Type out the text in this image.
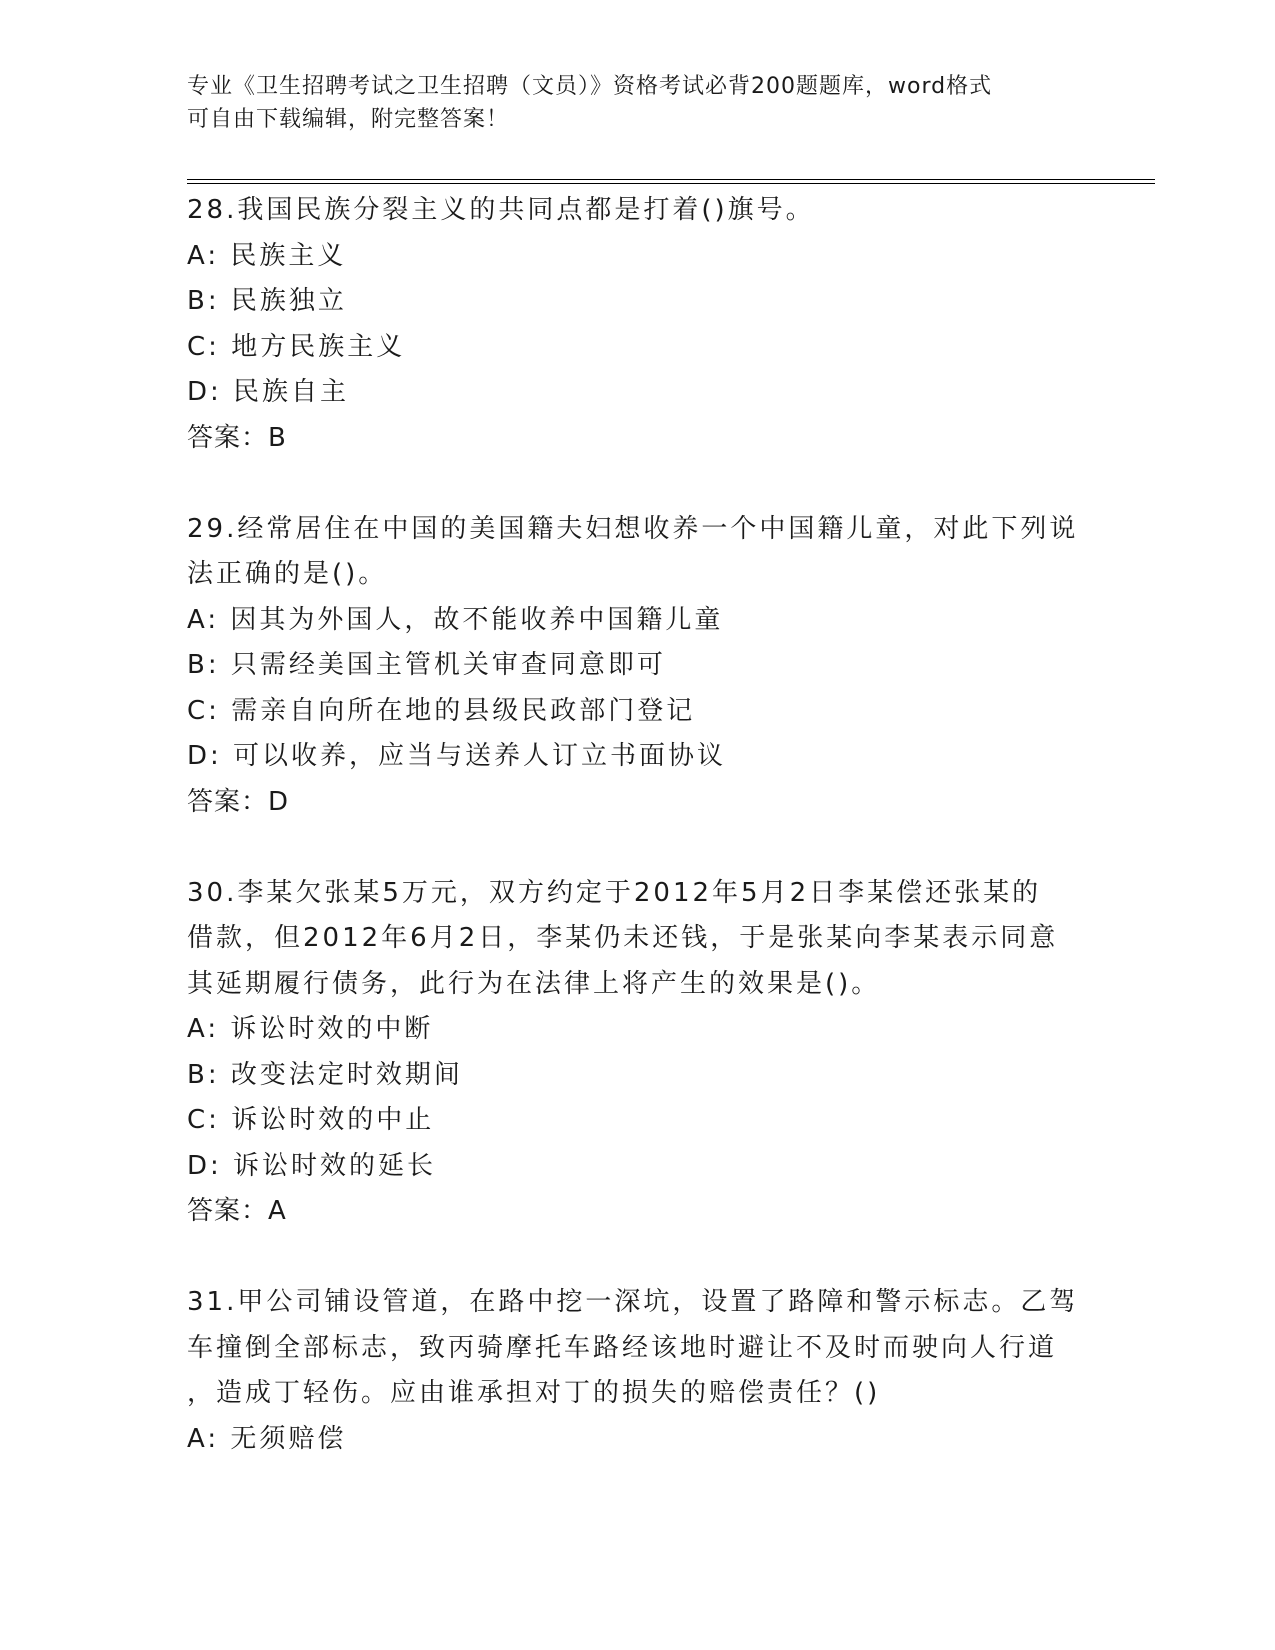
专业《卫生招聘考试之卫生招聘（文员）》资格考试必背200题题库，word格式
可自由下载编辑，附完整答案！

28.我国民族分裂主义的共同点都是打着()旗号。

A: 民族主义
B: 民族独立
C: 地方民族主义
D: 民族自主

答案：B

29.经常居住在中国的美国籍夫妇想收养一个中国籍儿童，对此下列说

法正确的是()。

A: 因其为外国人，故不能收养中国籍儿童
B: 只需经美国主管机关审查同意即可
C: 需亲自向所在地的县级民政部门登记
D: 可以收养，应当与送养人订立书面协议

答案：D

30.李某欠张某5万元，双方约定于2012年5月2日李某偿还张某的

借款，但2012年6月2日，李某仍未还钱，于是张某向李某表示同意

其延期履行债务，此行为在法律上将产生的效果是()。

A: 诉讼时效的中断
B: 改变法定时效期间
C: 诉讼时效的中止
D: 诉讼时效的延长

答案：A

31.甲公司铺设管道，在路中挖一深坑，设置了路障和警示标志。乙驾

车撞倒全部标志，致丙骑摩托车路经该地时避让不及时而驶向人行道

，造成丁轻伤。应由谁承担对丁的损失的赔偿责任？()

A: 无须赔偿
